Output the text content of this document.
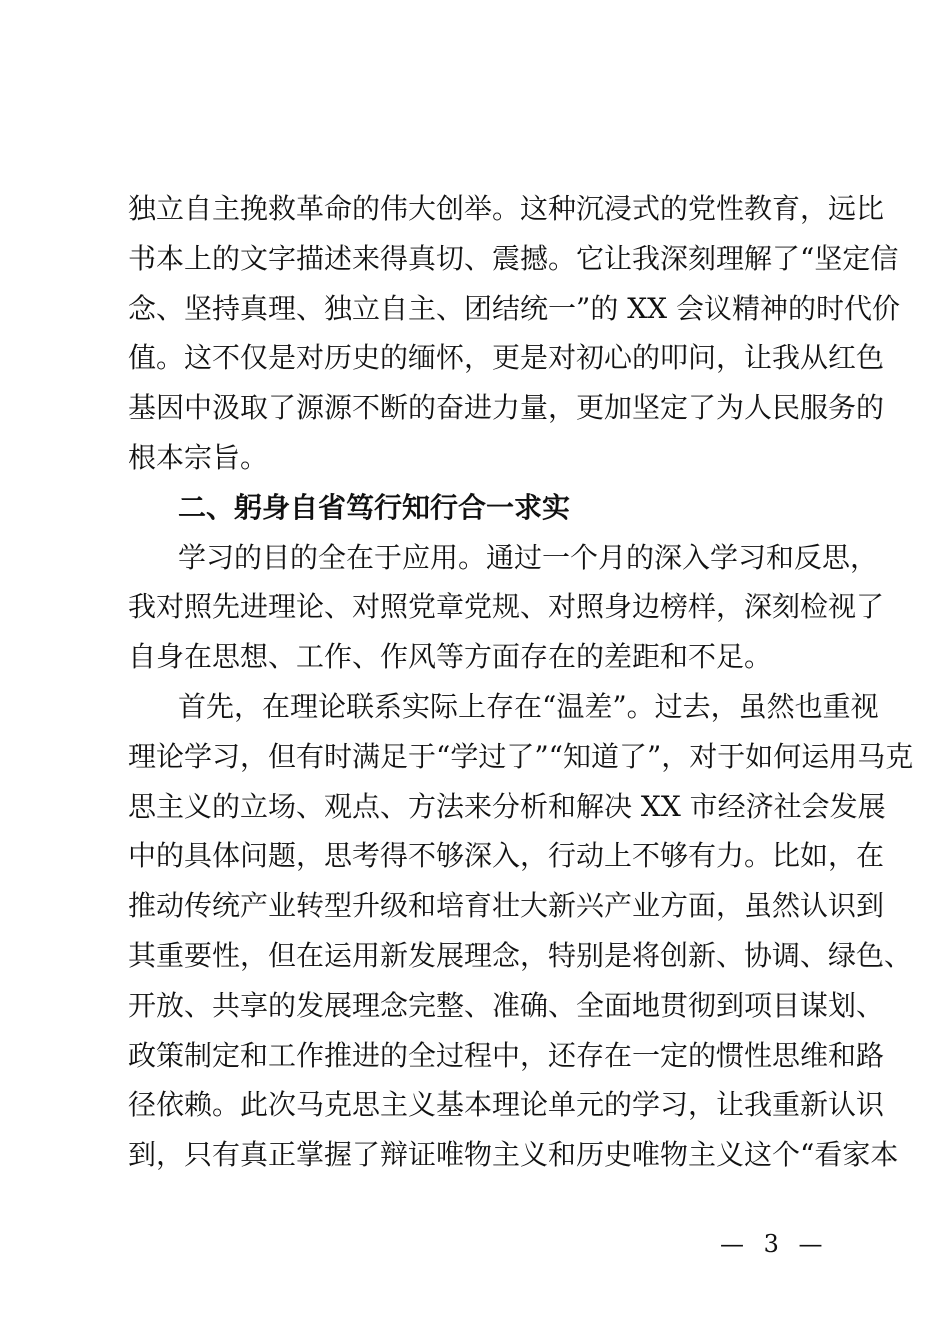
独立自主挽救革命的伟大创举。这种沉浸式的党性教育，远比
书本上的文字描述来得真切、震撼。它让我深刻理解了“坚定信
念、坚持真理、独立自主、团结统一”的 XX 会议精神的时代价
值。这不仅是对历史的缅怀，更是对初心的叩问，让我从红色
基因中汲取了源源不断的奋进力量，更加坚定了为人民服务的
根本宗旨。
二、躬身自省笃行知行合一求实
学习的目的全在于应用。通过一个月的深入学习和反思，
我对照先进理论、对照党章党规、对照身边榜样，深刻检视了
自身在思想、工作、作风等方面存在的差距和不足。
首先，在理论联系实际上存在“温差”。过去，虽然也重视
理论学习，但有时满足于“学过了”“知道了”，对于如何运用马克
思主义的立场、观点、方法来分析和解决 XX 市经济社会发展
中的具体问题，思考得不够深入，行动上不够有力。比如，在
推动传统产业转型升级和培育壮大新兴产业方面，虽然认识到
其重要性，但在运用新发展理念，特别是将创新、协调、绿色、
开放、共享的发展理念完整、准确、全面地贯彻到项目谋划、
政策制定和工作推进的全过程中，还存在一定的惯性思维和路
径依赖。此次马克思主义基本理论单元的学习，让我重新认识
到，只有真正掌握了辩证唯物主义和历史唯物主义这个“看家本
— 3 —
